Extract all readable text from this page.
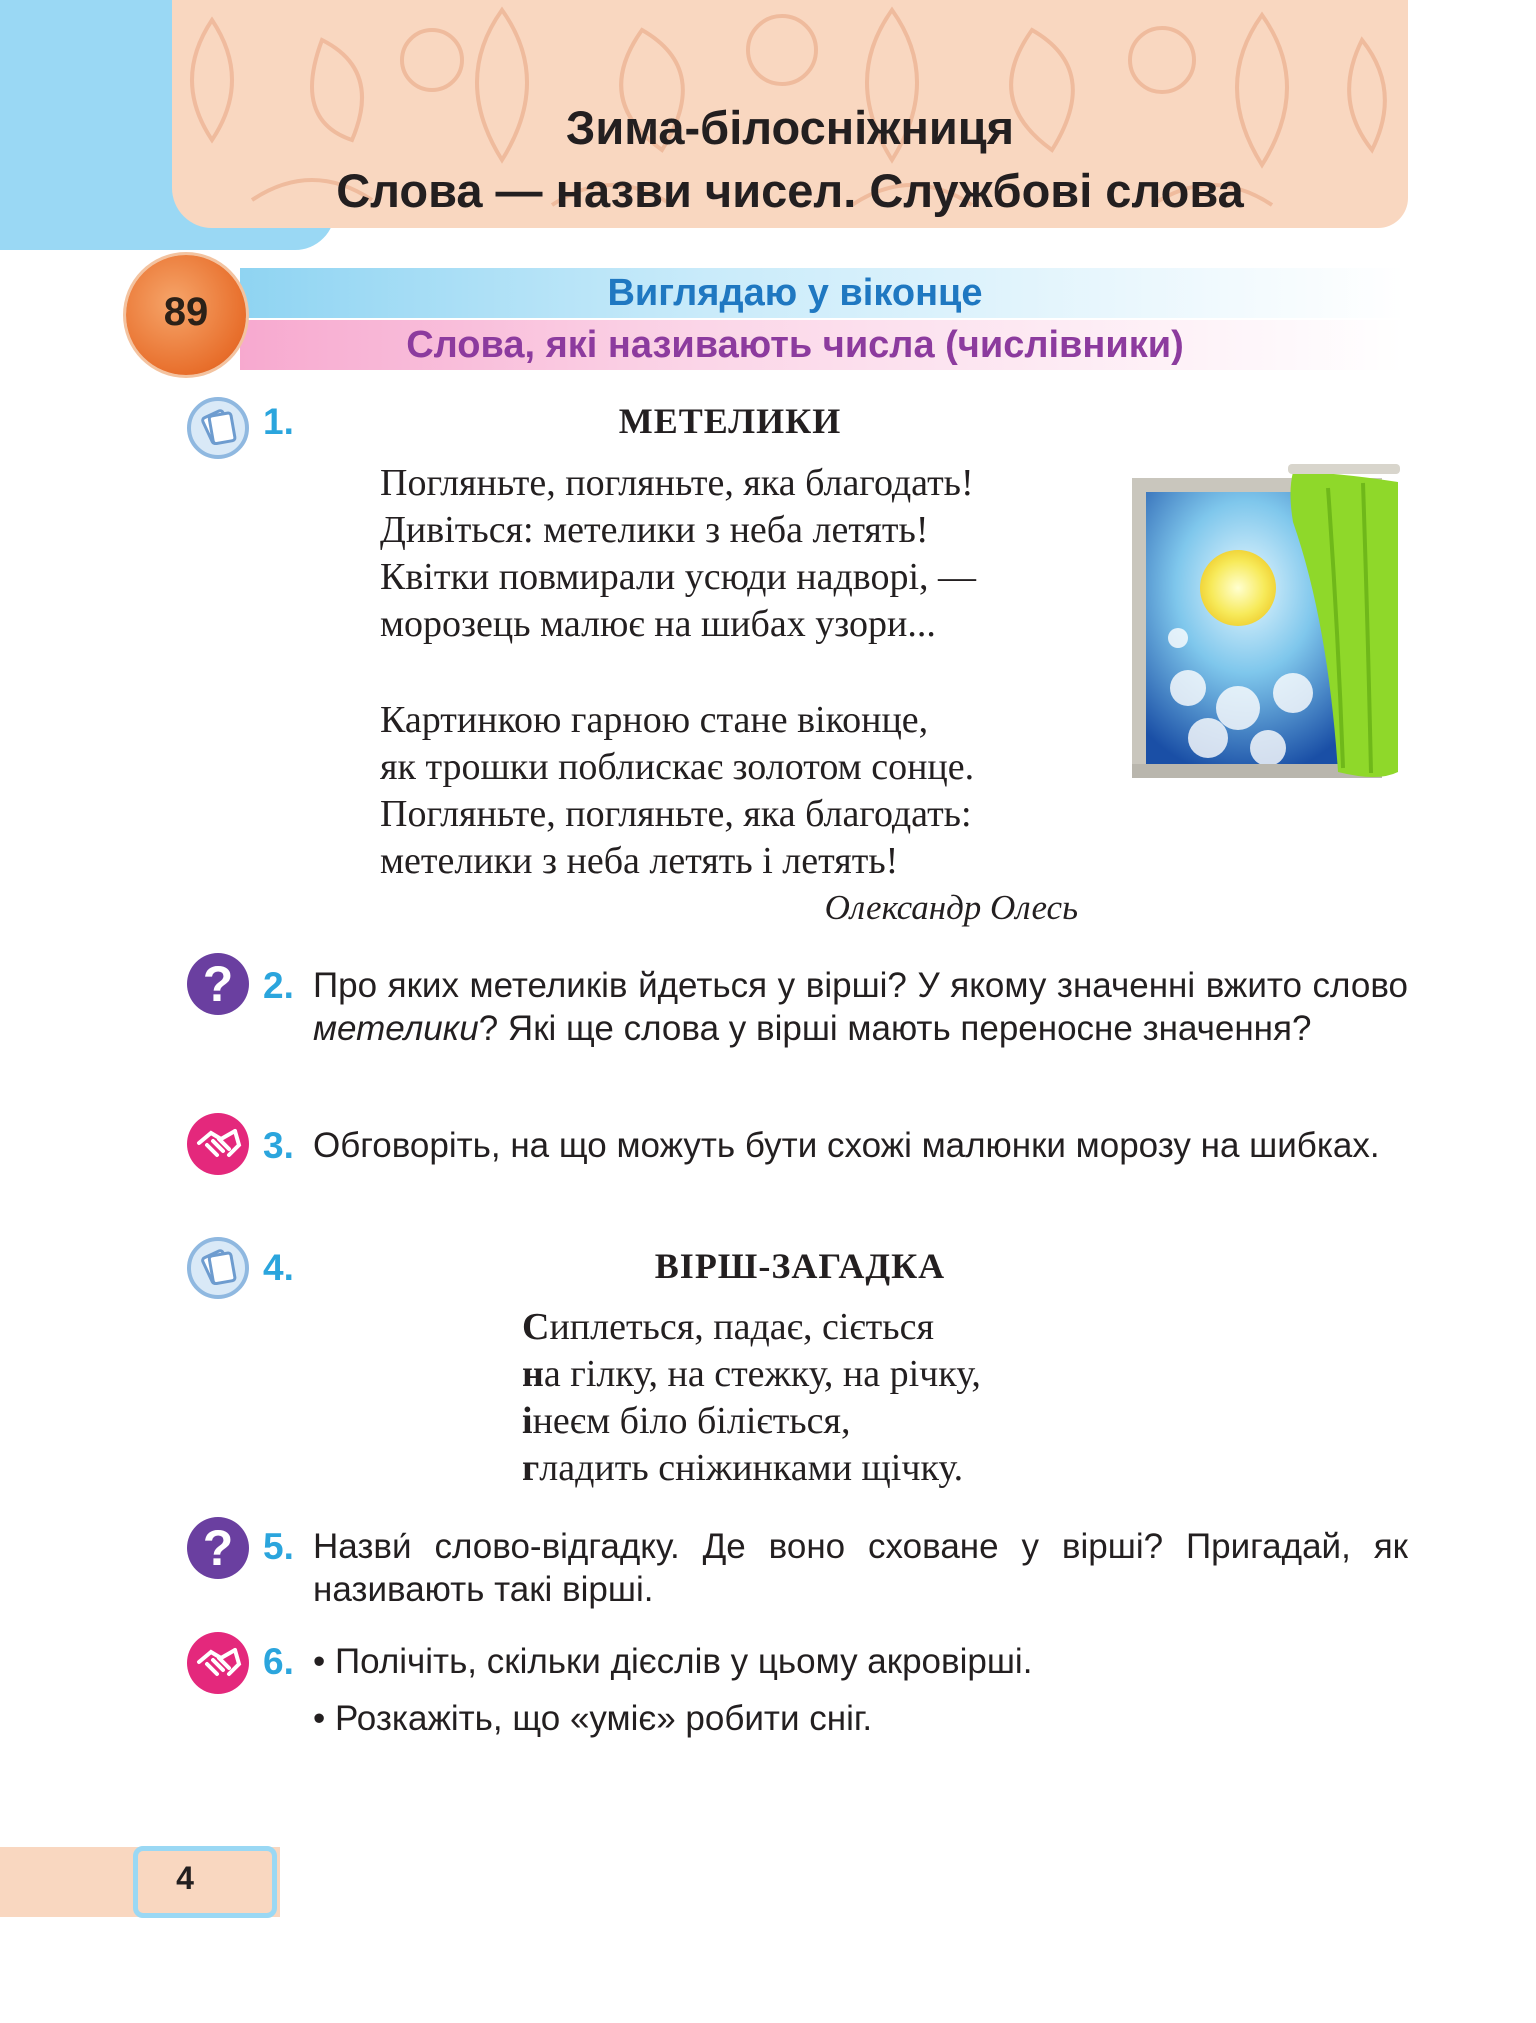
Зима-білосніжниця
Слова — назви чисел. Службові слова
89	Виглядаю у віконце
Слова, які називають числа (числівники)
1.	МЕТЕЛИКИ
Погляньте, погляньте, яка благодать!
Дивіться: метелики з неба летять!
Квітки повмирали усюди надворі, —
морозець малює на шибах узори...
Картинкою гарною стане віконце,
як трошки поблискає золотом сонце.
Погляньте, погляньте, яка благодать:
метелики з неба летять і летять!
Олександр Олесь
? 2. Про яких метеликів йдеться у вірші? У якому значенні вжито слово метелики? Які ще слова у вірші мають переносне значення?
3. Обговоріть, на що можуть бути схожі малюнки морозу на шибках.
4.	ВІРШ-ЗАГАДКА
Сиплеться, падає, сіється
на гілку, на стежку, на річку,
інеєм біло біліється,
гладить сніжинками щічку.
? 5. Назви́ слово-відгадку. Де воно сховане у вірші? Пригадай, як називають такі вірші.
6. • Полічіть, скільки дієслів у цьому акровірші.
• Розкажіть, що «уміє» робити сніг.
4
